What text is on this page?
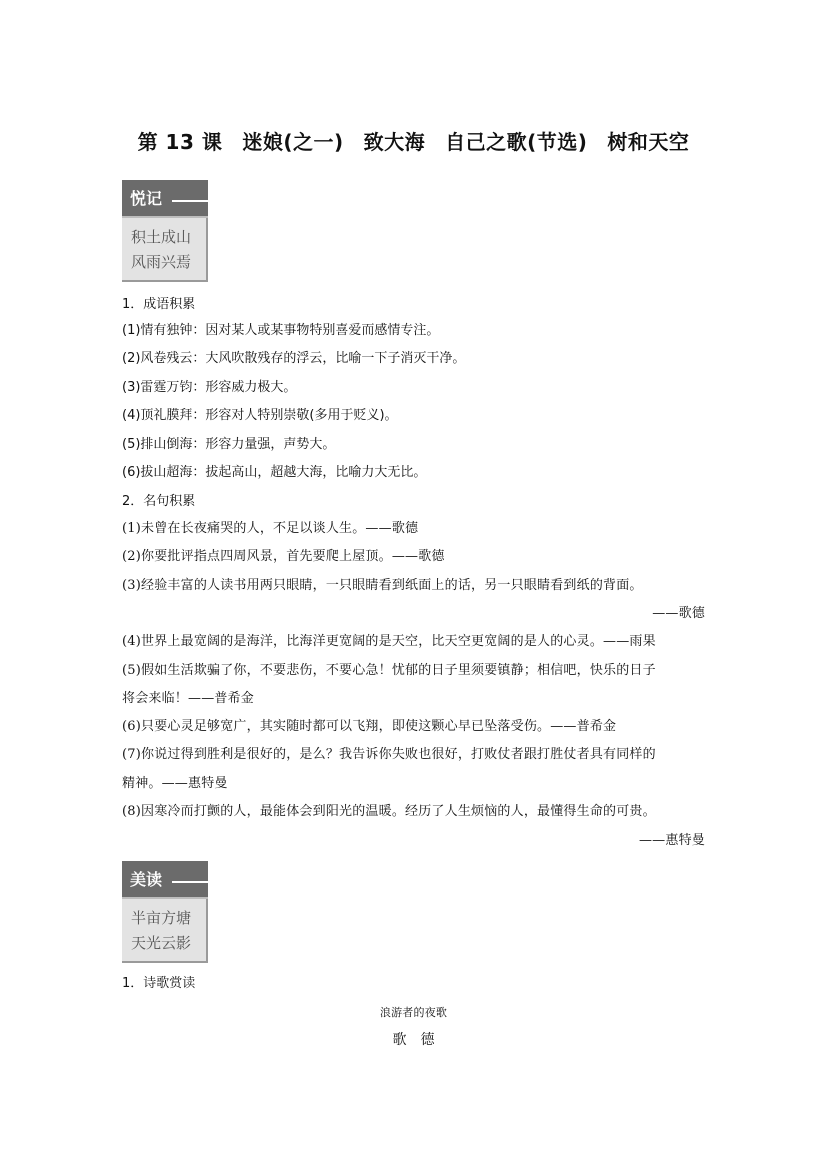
第 13 课 迷娘(之一) 致大海 自己之歌(节选) 树和天空
悦记
积土成山
风雨兴焉
1．成语积累
(1)情有独钟：因对某人或某事物特别喜爱而感情专注。
(2)风卷残云：大风吹散残存的浮云，比喻一下子消灭干净。
(3)雷霆万钧：形容威力极大。
(4)顶礼膜拜：形容对人特别崇敬(多用于贬义)。
(5)排山倒海：形容力量强，声势大。
(6)拔山超海：拔起高山，超越大海，比喻力大无比。
2．名句积累
(1)未曾在长夜痛哭的人，不足以谈人生。——歌德
(2)你要批评指点四周风景，首先要爬上屋顶。——歌德
(3)经验丰富的人读书用两只眼睛，一只眼睛看到纸面上的话，另一只眼睛看到纸的背面。
——歌德
(4)世界上最宽阔的是海洋，比海洋更宽阔的是天空，比天空更宽阔的是人的心灵。——雨果
(5)假如生活欺骗了你，不要悲伤，不要心急！忧郁的日子里须要镇静；相信吧，快乐的日子
将会来临！——普希金
(6)只要心灵足够宽广，其实随时都可以飞翔，即使这颗心早已坠落受伤。——普希金
(7)你说过得到胜利是很好的，是么？我告诉你失败也很好，打败仗者跟打胜仗者具有同样的
精神。——惠特曼
(8)因寒冷而打颤的人，最能体会到阳光的温暖。经历了人生烦恼的人，最懂得生命的可贵。
——惠特曼
美读
半亩方塘
天光云影
1．诗歌赏读
浪游者的夜歌
歌　德
